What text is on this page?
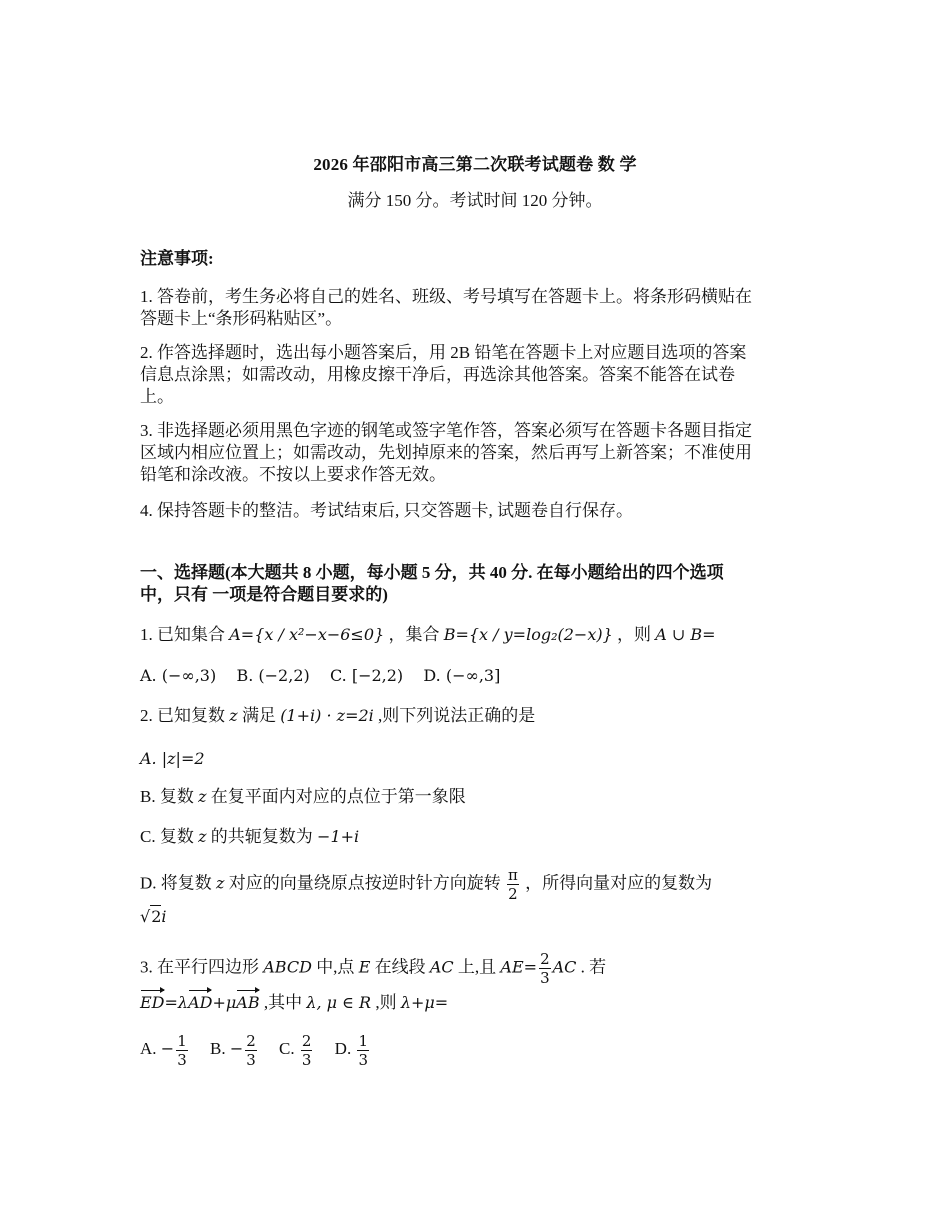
2026 年邵阳市高三第二次联考试题卷 数 学
满分 150 分。考试时间 120 分钟。
注意事项:
1. 答卷前，考生务必将自己的姓名、班级、考号填写在答题卡上。将条形码横贴在
答题卡上“条形码粘贴区”。
2. 作答选择题时，选出每小题答案后，用 2B 铅笔在答题卡上对应题目选项的答案
信息点涂黑；如需改动，用橡皮擦干净后，再选涂其他答案。答案不能答在试卷
上。
3. 非选择题必须用黑色字迹的钢笔或签字笔作答，答案必须写在答题卡各题目指定
区域内相应位置上；如需改动，先划掉原来的答案，然后再写上新答案；不准使用
铅笔和涂改液。不按以上要求作答无效。
4. 保持答题卡的整洁。考试结束后, 只交答题卡, 试题卷自行保存。
一、选择题(本大题共 8 小题，每小题 5 分，共 40 分. 在每小题给出的四个选项
中，只有 一项是符合题目要求的)
1. 已知集合 A={x / x²−x−6≤0} ，集合 B={x / y=log₂(2−x)} ，则 A ∪ B=
A. (−∞,3) B. (−2,2) C. [−2,2) D. (−∞,3]
2. 已知复数 z 满足 (1+i) · z=2i ,则下列说法正确的是
A. |z|=2
B. 复数 z 在复平面内对应的点位于第一象限
C. 复数 z 的共轭复数为 −1+i
D. 将复数 z 对应的向量绕原点按逆时针方向旋转 $\frac{\pi}{2}$ ，所得向量对应的复数为
√2i
3. 在平行四边形 ABCD 中,点 E 在线段 AC 上,且 $AE= \frac{2}{3}$ AC . 若
ED=λAD+μAB ,其中 λ, μ ∈ R ,则 λ+μ=
A. − $\frac{1}{3} B$. − $\frac{2}{3} C$. $\frac{2}{3} D$. $\frac{1}{3}$
